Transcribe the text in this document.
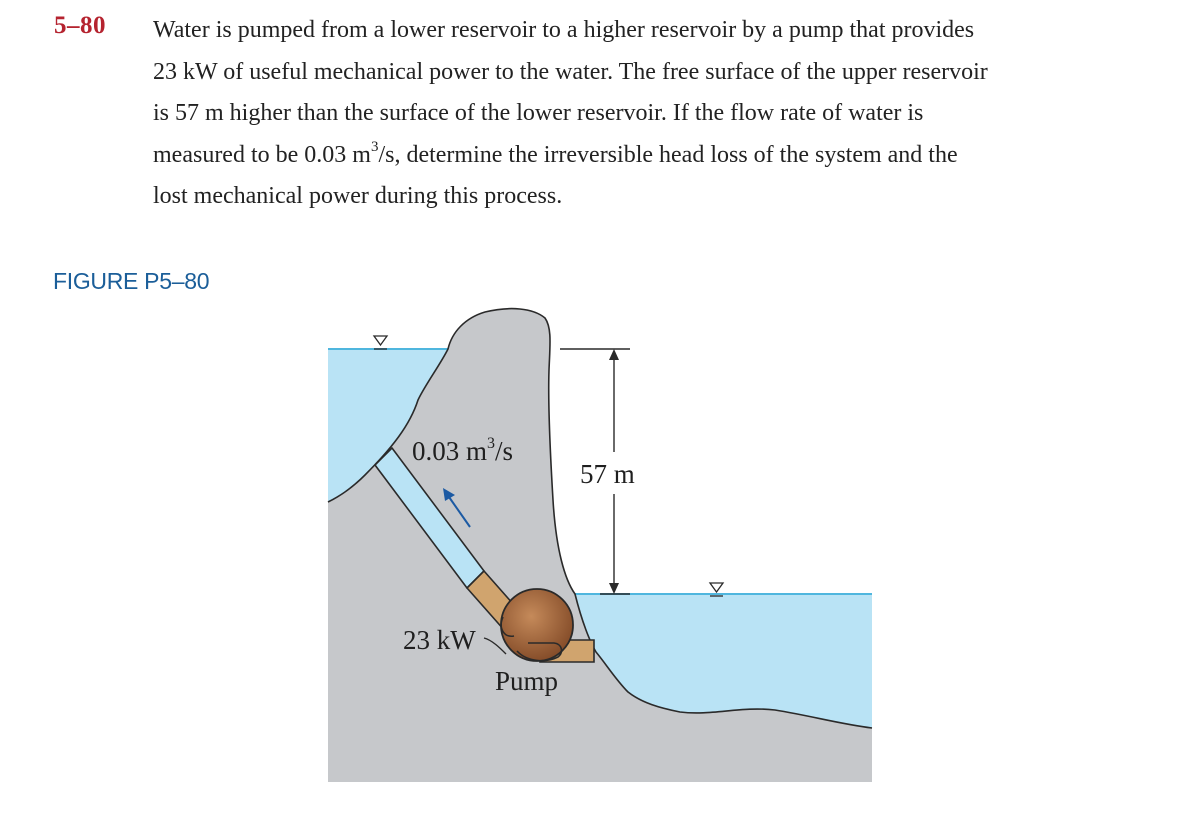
5–80 Water is pumped from a lower reservoir to a higher reservoir by a pump that provides
23 kW of useful mechanical power to the water. The free surface of the upper reservoir
is 57 m higher than the surface of the lower reservoir. If the flow rate of water is
measured to be 0.03 $m^3/s$, determine the irreversible head loss of the system and the
lost mechanical power during this process.

FIGURE P5–80
0.03 $m^3/s$
57 m
23 kW
Pump
